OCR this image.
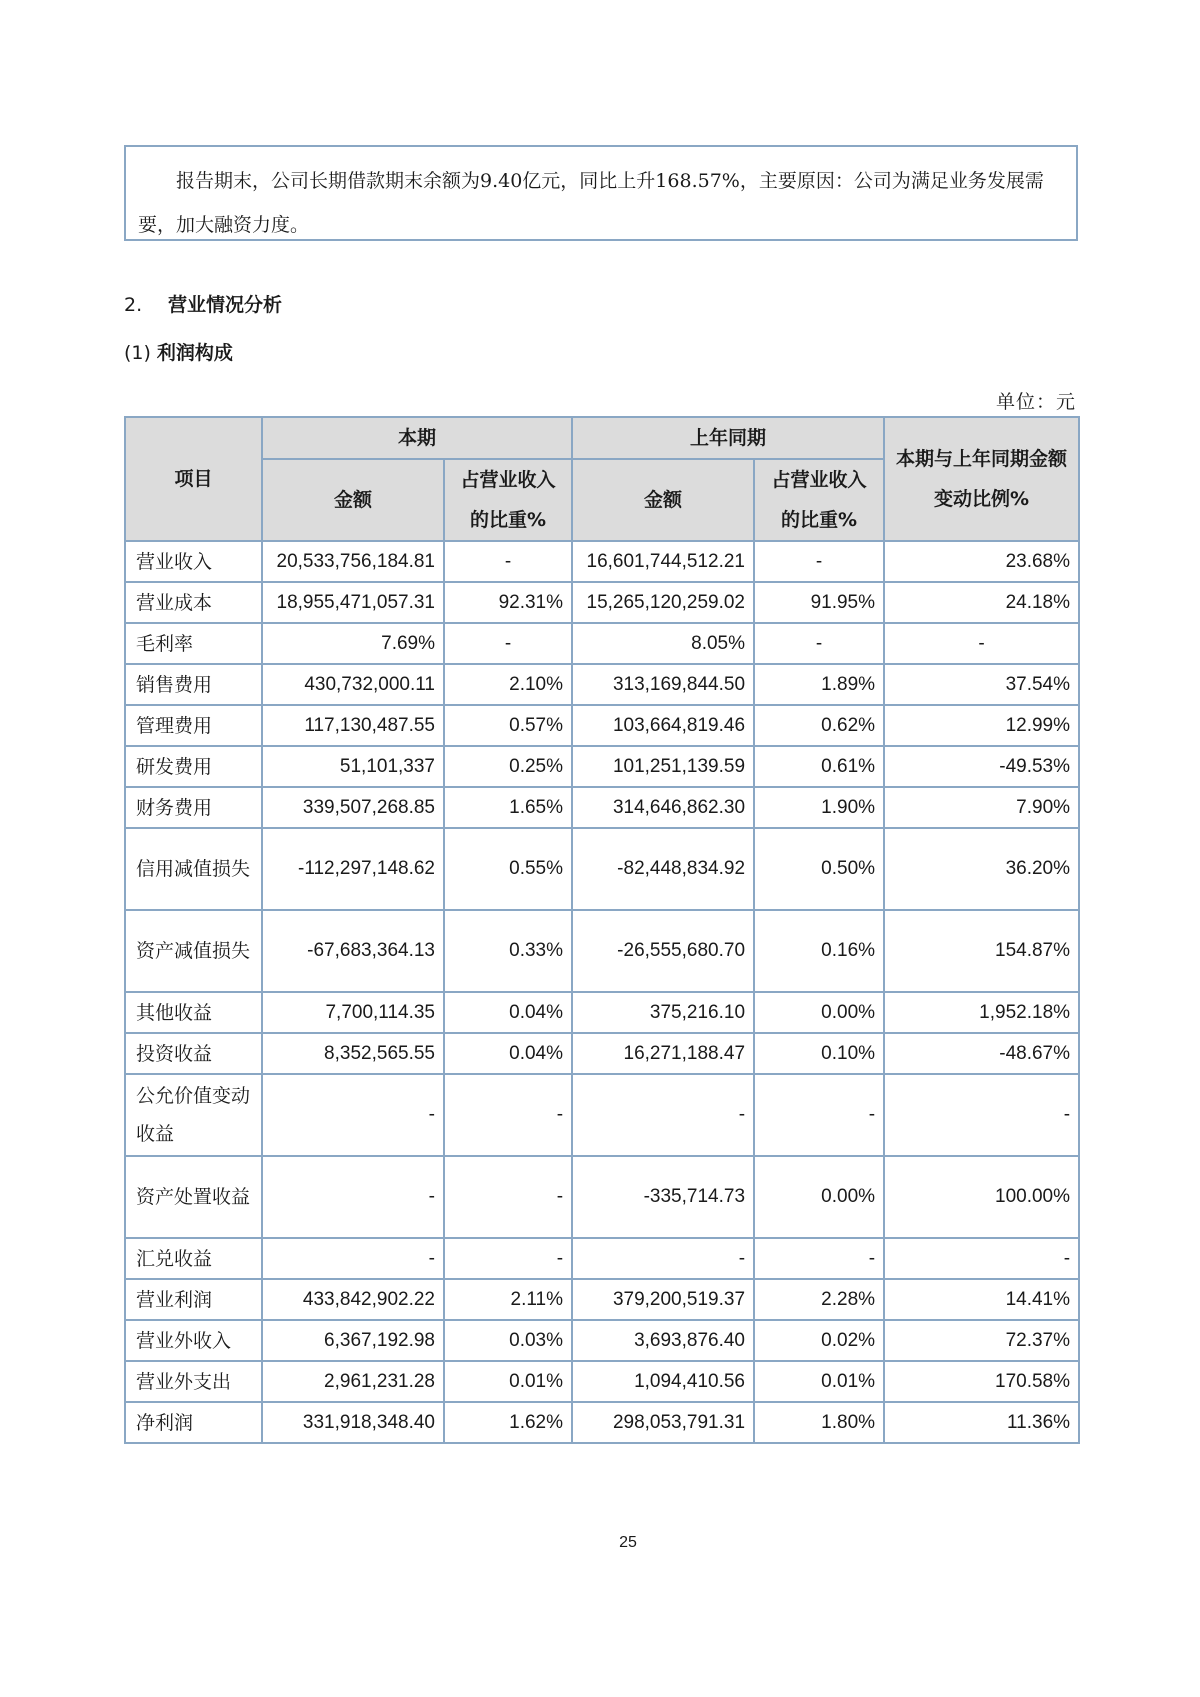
报告期末，公司长期借款期末余额为9.40亿元，同比上升168.57%，主要原因：公司为满足业务发展需要，加大融资力度。

2. 营业情况分析
(1) 利润构成
单位：元
项目	本期		上年同期		本期与上年同期金额变动比例%
	金额	占营业收入的比重%	金额	占营业收入的比重%	
营业收入	20,533,756,184.81	-	16,601,744,512.21	-	23.68%
营业成本	18,955,471,057.31	92.31%	15,265,120,259.02	91.95%	24.18%
毛利率	7.69%	-	8.05%	-	-
销售费用	430,732,000.11	2.10%	313,169,844.50	1.89%	37.54%
管理费用	117,130,487.55	0.57%	103,664,819.46	0.62%	12.99%
研发费用	51,101,337	0.25%	101,251,139.59	0.61%	-49.53%
财务费用	339,507,268.85	1.65%	314,646,862.30	1.90%	7.90%
信用减值损失	-112,297,148.62	0.55%	-82,448,834.92	0.50%	36.20%
资产减值损失	-67,683,364.13	0.33%	-26,555,680.70	0.16%	154.87%
其他收益	7,700,114.35	0.04%	375,216.10	0.00%	1,952.18%
投资收益	8,352,565.55	0.04%	16,271,188.47	0.10%	-48.67%
公允价值变动收益	-	-	-	-	-
资产处置收益	-	-	-335,714.73	0.00%	100.00%
汇兑收益	-	-	-	-	-
营业利润	433,842,902.22	2.11%	379,200,519.37	2.28%	14.41%
营业外收入	6,367,192.98	0.03%	3,693,876.40	0.02%	72.37%
营业外支出	2,961,231.28	0.01%	1,094,410.56	0.01%	170.58%
净利润	331,918,348.40	1.62%	298,053,791.31	1.80%	11.36%
25
